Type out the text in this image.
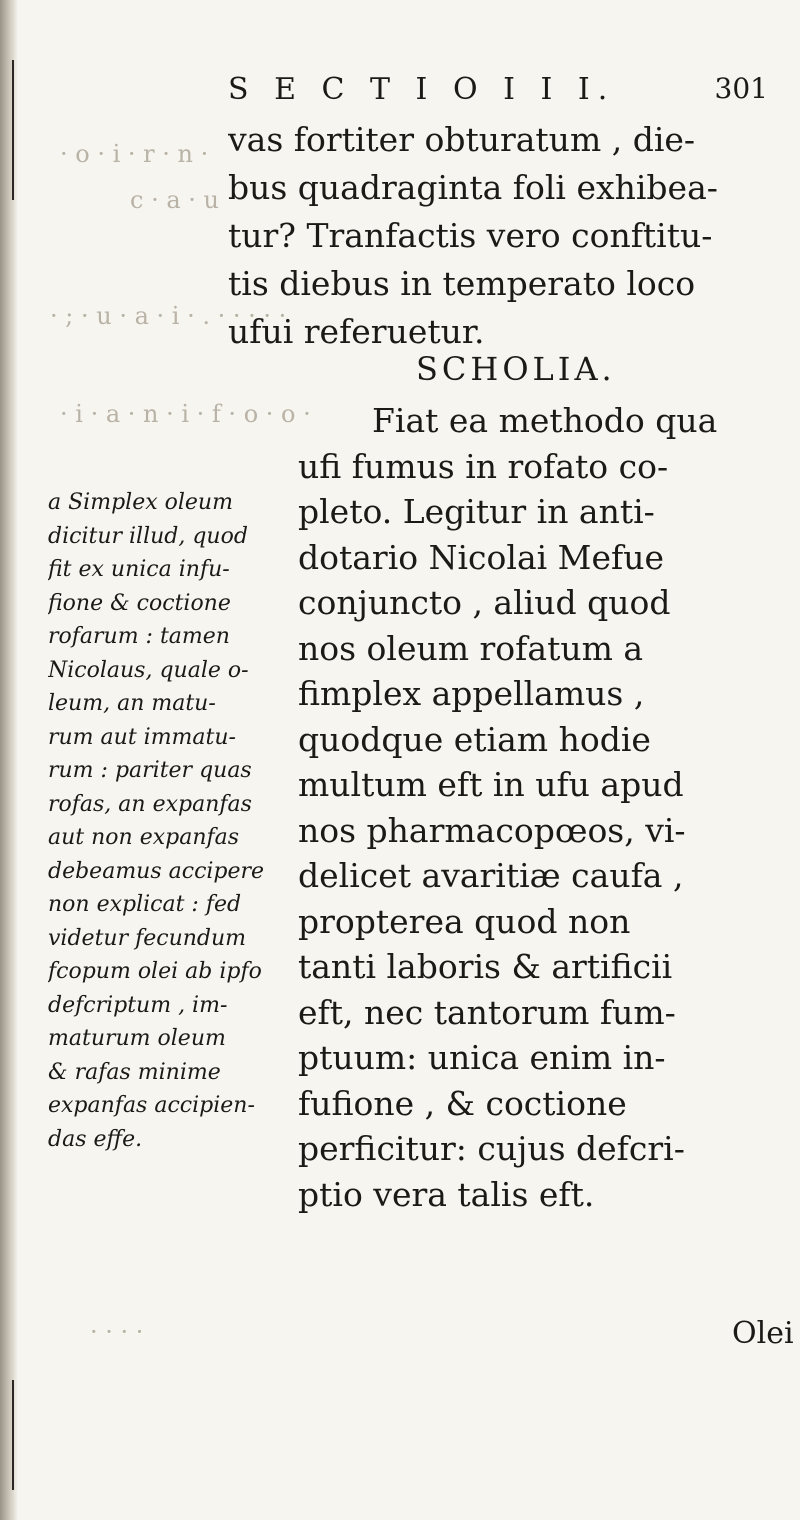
· o · i · r · n ·
c · a · u
· ; · u · a · i · . · · · · ·
· i · a · n · i · f · o · o ·
· · · ·
S E C T I O I I I.	301
vas fortiter obturatum , die-
bus quadraginta foli exhibea-
tur? Tranfactis vero conftitu-
tis diebus in temperato loco
ufui referuetur.
SCHOLIA.
Fiat ea methodo qua
ufi fumus in rofato co-
pleto. Legitur in anti-
dotario Nicolai Mefue
conjuncto , aliud quod
nos oleum rofatum a
fimplex appellamus ,
quodque etiam hodie
multum eft in ufu apud
nos pharmacopœos, vi-
delicet avaritiæ caufa ,
propterea quod non
tanti laboris & artificii
eft, nec tantorum fum-
ptuum: unica enim in-
fufione , & coctione
perficitur: cujus defcri-
ptio vera talis eft.
a Simplex oleum
dicitur illud, quod
fit ex unica infu-
fione & coctione
rofarum : tamen
Nicolaus, quale o-
leum, an matu-
rum aut immatu-
rum : pariter quas
rofas, an expanfas
aut non expanfas
debeamus accipere
non explicat : fed
videtur fecundum
fcopum olei ab ipfo
defcriptum , im-
maturum oleum
& rafas minime
expanfas accipien-
das effe.
Olei
